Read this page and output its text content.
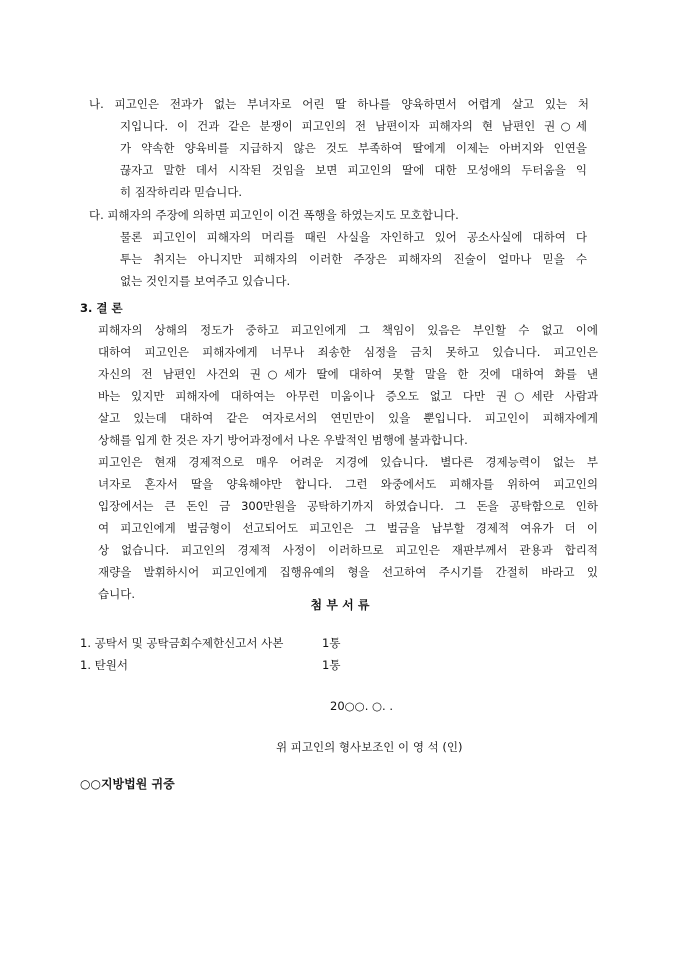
나. 피고인은 전과가 없는 부녀자로 어린 딸 하나를 양육하면서 어렵게 살고 있는 처
지입니다. 이 건과 같은 분쟁이 피고인의 전 남편이자 피해자의 현 남편인 권○세
가 약속한 양육비를 지급하지 않은 것도 부족하여 딸에게 이제는 아버지와 인연을
끊자고 말한 데서 시작된 것임을 보면 피고인의 딸에 대한 모성애의 두터움을 익
히 짐작하리라 믿습니다.
다. 피해자의 주장에 의하면 피고인이 이건 폭행을 하였는지도 모호합니다.
물론 피고인이 피해자의 머리를 때린 사실을 자인하고 있어 공소사실에 대하여 다
투는 취지는 아니지만 피해자의 이러한 주장은 피해자의 진술이 얼마나 믿을 수
없는 것인지를 보여주고 있습니다.
3. 결 론
피해자의 상해의 정도가 중하고 피고인에게 그 책임이 있음은 부인할 수 없고 이에
대하여 피고인은 피해자에게 너무나 죄송한 심정을 금치 못하고 있습니다. 피고인은
자신의 전 남편인 사건외 권○세가 딸에 대하여 못할 말을 한 것에 대하여 화를 낸
바는 있지만 피해자에 대하여는 아무런 미움이나 증오도 없고 다만 권○세란 사람과
살고 있는데 대하여 같은 여자로서의 연민만이 있을 뿐입니다. 피고인이 피해자에게
상해를 입게 한 것은 자기 방어과정에서 나온 우발적인 범행에 불과합니다.
피고인은 현재 경제적으로 매우 어려운 지경에 있습니다. 별다른 경제능력이 없는 부
녀자로 혼자서 딸을 양육해야만 합니다. 그런 와중에서도 피해자를 위하여 피고인의
입장에서는 큰 돈인 금 300만원을 공탁하기까지 하였습니다. 그 돈을 공탁함으로 인하
여 피고인에게 벌금형이 선고되어도 피고인은 그 벌금을 납부할 경제적 여유가 더 이
상 없습니다. 피고인의 경제적 사정이 이러하므로 피고인은 재판부께서 관용과 합리적
재량을 발휘하시어 피고인에게 집행유예의 형을 선고하여 주시기를 간절히 바라고 있
습니다.
첨 부 서 류
1. 공탁서 및 공탁금회수제한신고서 사본	1통
1. 탄원서	1통
20○○. ○. .
위 피고인의 형사보조인 이 영 석 (인)
○○지방법원 귀중
